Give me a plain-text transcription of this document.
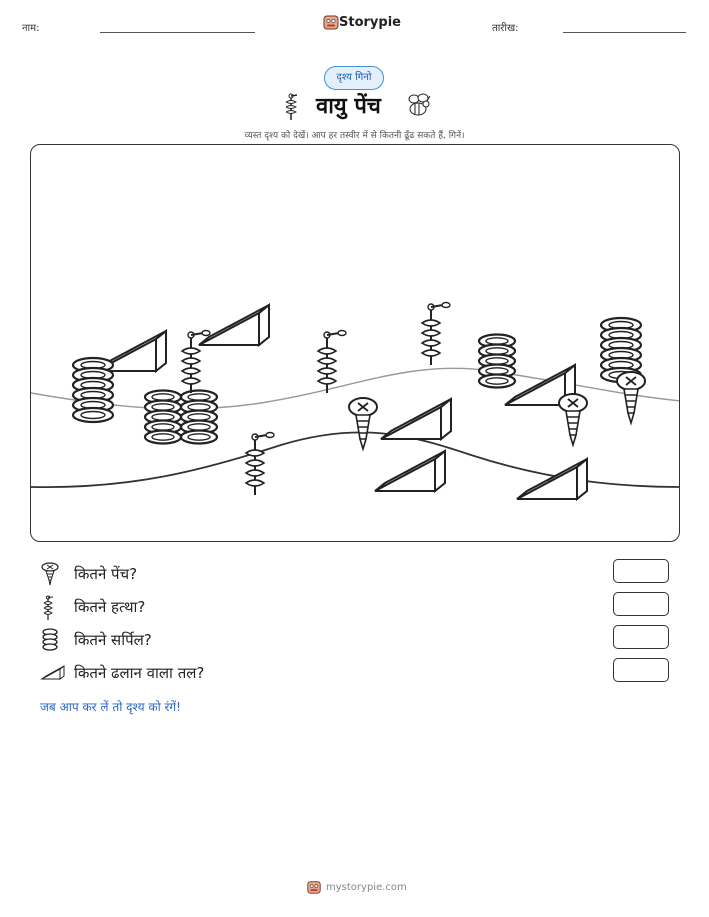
नाम:	Storypie	तारीख:
दृश्य गिनो
वायु पेंच
व्यस्त दृश्य को देखें। आप हर तस्वीर में से कितनी ढूँढ सकते हैं, गिनें।
कितने पेंच?
कितने हत्था?
कितने सर्पिल?
कितने ढलान वाला तल?
जब आप कर लें तो दृश्य को रंगें!
mystorypie.com
